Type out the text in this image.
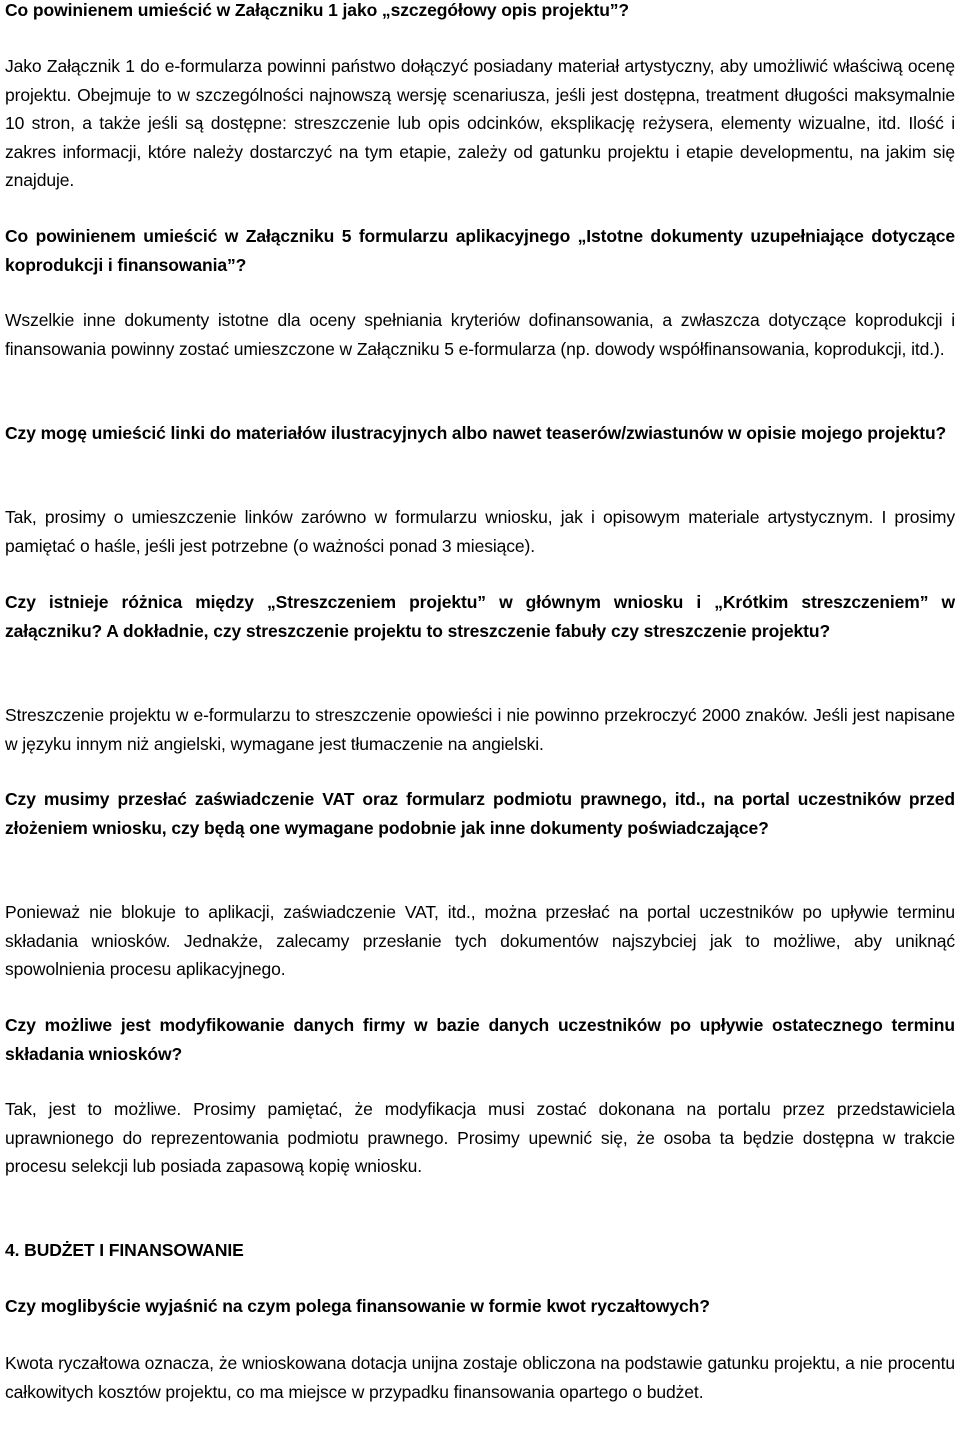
Co powinienem umieścić w Załączniku 1 jako „szczegółowy opis projektu”?

Jako Załącznik 1 do e-formularza powinni państwo dołączyć posiadany materiał artystyczny, aby umożliwić właściwą ocenę projektu. Obejmuje to w szczególności najnowszą wersję scenariusza, jeśli jest dostępna, treatment długości maksymalnie 10 stron, a także jeśli są dostępne: streszczenie lub opis odcinków, eksplikację reżysera, elementy wizualne, itd. Ilość i zakres informacji, które należy dostarczyć na tym etapie, zależy od gatunku projektu i etapie developmentu, na jakim się znajduje.

Co powinienem umieścić w Załączniku 5 formularzu aplikacyjnego „Istotne dokumenty uzupełniające dotyczące koprodukcji i finansowania”?

Wszelkie inne dokumenty istotne dla oceny spełniania kryteriów dofinansowania, a zwłaszcza dotyczące koprodukcji i finansowania powinny zostać umieszczone w Załączniku 5 e-formularza (np. dowody współfinansowania, koprodukcji, itd.).

Czy mogę umieścić linki do materiałów ilustracyjnych albo nawet teaserów/zwiastunów w opisie mojego projektu?

Tak, prosimy o umieszczenie linków zarówno w formularzu wniosku, jak i opisowym materiale artystycznym. I prosimy pamiętać o haśle, jeśli jest potrzebne (o ważności ponad 3 miesiące).

Czy istnieje różnica między „Streszczeniem projektu” w głównym wniosku i „Krótkim streszczeniem” w załączniku? A dokładnie, czy streszczenie projektu to streszczenie fabuły czy streszczenie projektu?

Streszczenie projektu w e-formularzu to streszczenie opowieści i nie powinno przekroczyć 2000 znaków. Jeśli jest napisane w języku innym niż angielski, wymagane jest tłumaczenie na angielski.

Czy musimy przesłać zaświadczenie VAT oraz formularz podmiotu prawnego, itd., na portal uczestników przed złożeniem wniosku, czy będą one wymagane podobnie jak inne dokumenty poświadczające?

Ponieważ nie blokuje to aplikacji, zaświadczenie VAT, itd., można przesłać na portal uczestników po upływie terminu składania wniosków. Jednakże, zalecamy przesłanie tych dokumentów najszybciej jak to możliwe, aby uniknąć spowolnienia procesu aplikacyjnego.

Czy możliwe jest modyfikowanie danych firmy w bazie danych uczestników po upływie ostatecznego terminu składania wniosków?

Tak, jest to możliwe. Prosimy pamiętać, że modyfikacja musi zostać dokonana na portalu przez przedstawiciela uprawnionego do reprezentowania podmiotu prawnego. Prosimy upewnić się, że osoba ta będzie dostępna w trakcie procesu selekcji lub posiada zapasową kopię wniosku.

4. BUDŻET I FINANSOWANIE

Czy moglibyście wyjaśnić na czym polega finansowanie w formie kwot ryczałtowych?

Kwota ryczałtowa oznacza, że wnioskowana dotacja unijna zostaje obliczona na podstawie gatunku projektu, a nie procentu całkowitych kosztów projektu, co ma miejsce w przypadku finansowania opartego o budżet.
